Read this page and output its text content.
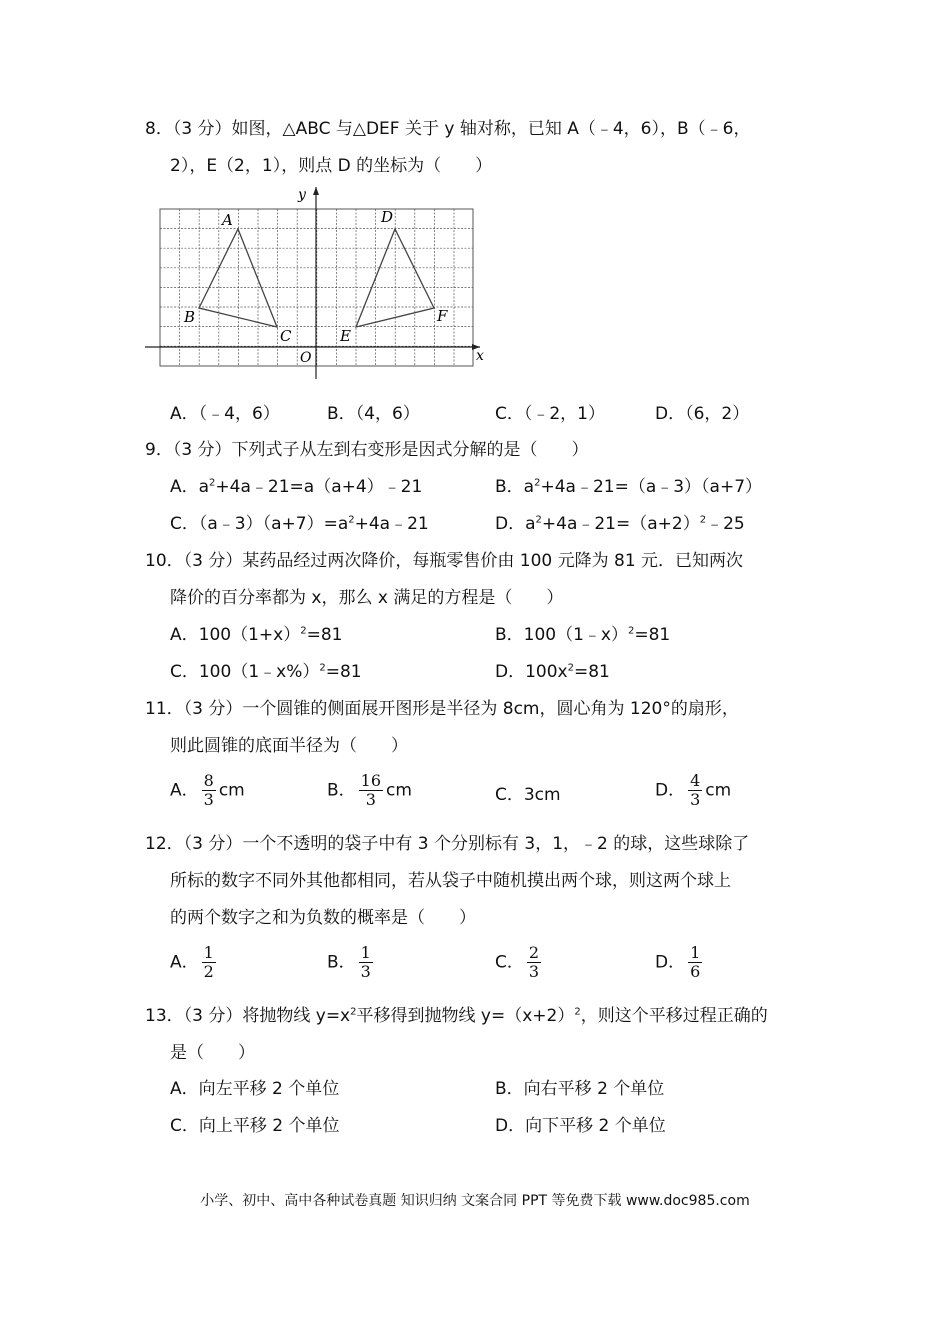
8．（3 分）如图，△ABC 与△DEF 关于 y 轴对称，已知 A（﹣4，6），B（﹣6，
2），E（2，1），则点 D 的坐标为（　　）
A
B
C
D
E
F
O	x
y
A．（﹣4，6）	B．（4，6）	C．（﹣2，1）	D．（6，2）
9．（3 分）下列式子从左到右变形是因式分解的是（　　）
A．$a^2+4a﹣21=a(a+4)﹣21$	B．$a^2+4a﹣21=(a﹣3)(a+7)$
C．$(a﹣3)(a+7)=a^2+4a﹣21$	D．$a^2+4a﹣21=(a+2)^2﹣25$
10．（3 分）某药品经过两次降价，每瓶零售价由 100 元降为 81 元．已知两次
降价的百分率都为 x，那么 x 满足的方程是（　　）
A．$100(1+x)^2=81$	B．100（1﹣x）$^2$=81
C．100（1﹣x%）$^2$=81	D．$100x^2=81$
11．（3 分）一个圆锥的侧面展开图形是半径为 8cm，圆心角为 120°的扇形，
则此圆锥的底面半径为（　　）
A． $\frac{8}{3}$ cm	B． $\frac{16}{3}$ cm	C．3cm	D． $\frac{4}{3}$ cm
12．（3 分）一个不透明的袋子中有 3 个分别标有 3，1，﹣2 的球，这些球除了
所标的数字不同外其他都相同，若从袋子中随机摸出两个球，则这两个球上
的两个数字之和为负数的概率是（　　）
A． $\frac{1}{2}$	B． $\frac{1}{3}$	C． $\frac{2}{3}$	D． $\frac{1}{6}$
13．（3 分）将抛物线 $y=x^2$平移得到抛物线 $y=(x+2)^2$，则这个平移过程正确的
是（　　）
A．向左平移 2 个单位	B．向右平移 2 个单位
C．向上平移 2 个单位	D．向下平移 2 个单位
小学、初中、高中各种试卷真题 知识归纳 文案合同 PPT 等免费下载 www.doc985.com
